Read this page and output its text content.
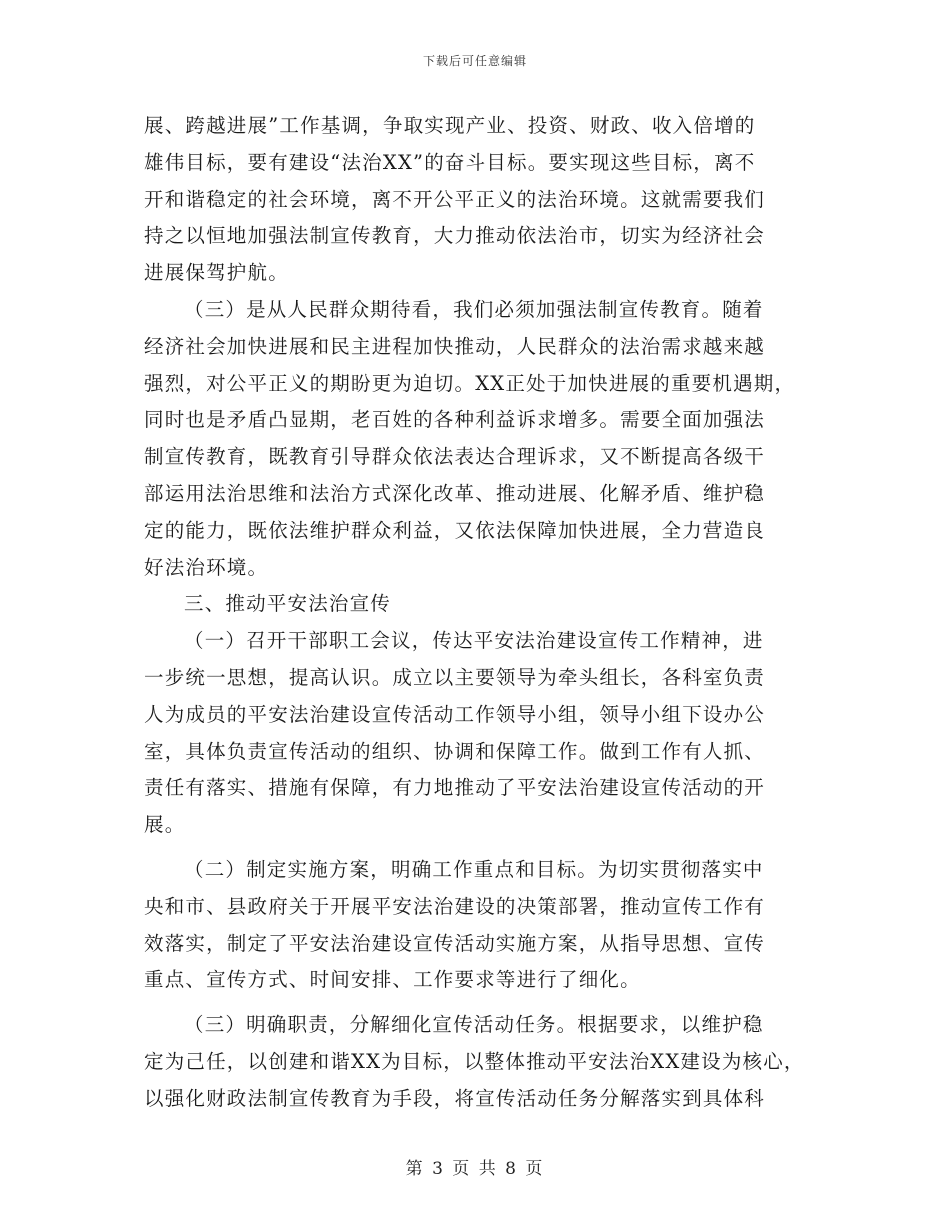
下载后可任意编辑
展、跨越进展”工作基调，争取实现产业、投资、财政、收入倍增的
雄伟目标，要有建设“法治XX”的奋斗目标。要实现这些目标，离不
开和谐稳定的社会环境，离不开公平正义的法治环境。这就需要我们
持之以恒地加强法制宣传教育，大力推动依法治市，切实为经济社会
进展保驾护航。
（三）是从人民群众期待看，我们必须加强法制宣传教育。随着
经济社会加快进展和民主进程加快推动，人民群众的法治需求越来越
强烈，对公平正义的期盼更为迫切。XX正处于加快进展的重要机遇期，
同时也是矛盾凸显期，老百姓的各种利益诉求增多。需要全面加强法
制宣传教育，既教育引导群众依法表达合理诉求，又不断提高各级干
部运用法治思维和法治方式深化改革、推动进展、化解矛盾、维护稳
定的能力，既依法维护群众利益，又依法保障加快进展，全力营造良
好法治环境。
三、推动平安法治宣传
（一）召开干部职工会议，传达平安法治建设宣传工作精神，进
一步统一思想，提高认识。成立以主要领导为牵头组长，各科室负责
人为成员的平安法治建设宣传活动工作领导小组，领导小组下设办公
室，具体负责宣传活动的组织、协调和保障工作。做到工作有人抓、
责任有落实、措施有保障，有力地推动了平安法治建设宣传活动的开
展。
（二）制定实施方案，明确工作重点和目标。为切实贯彻落实中
央和市、县政府关于开展平安法治建设的决策部署，推动宣传工作有
效落实，制定了平安法治建设宣传活动实施方案，从指导思想、宣传
重点、宣传方式、时间安排、工作要求等进行了细化。
（三）明确职责，分解细化宣传活动任务。根据要求，以维护稳
定为己任，以创建和谐XX为目标，以整体推动平安法治XX建设为核心，
以强化财政法制宣传教育为手段，将宣传活动任务分解落实到具体科
第 3 页 共 8 页
